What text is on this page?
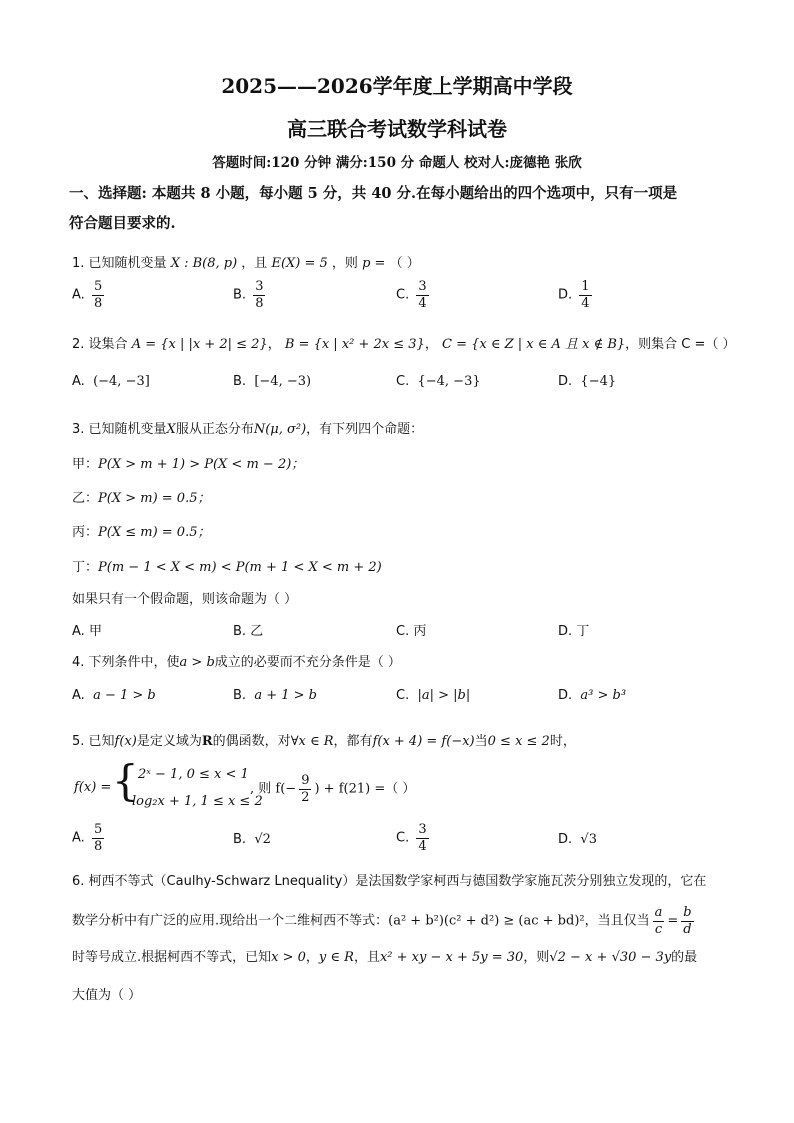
2025——2026学年度上学期高中学段
高三联合考试数学科试卷
答题时间:120 分钟 满分:150 分 命题人 校对人:庞德艳 张欣
一、选择题: 本题共 8 小题，每小题 5 分，共 40 分.在每小题给出的四个选项中，只有一项是
符合题目要求的.
1. 已知随机变量 X : B(8, p) ，且 E(X) = 5 ，则 p = （ ）
A. $\frac{5}{8}$	B. $\frac{3}{8}$	C. $\frac{3}{4}$	D. $\frac{1}{4}$
2. 设集合 A = {x | |x + 2| ≤ 2}， B = {x | x² + 2x ≤ 3}， C = {x ∈ Z | x ∈ A 且 x ∉ B}，则集合 C =（ ）
A. (−4, −3]	B. [−4, −3)	C. {−4, −3}	D. {−4}
3. 已知随机变量X服从正态分布N(μ, σ²)，有下列四个命题：
甲：P(X > m + 1) > P(X < m − 2)；
乙：P(X > m) = 0.5；
丙：P(X ≤ m) = 0.5；
丁：P(m − 1 < X < m) < P(m + 1 < X < m + 2)
如果只有一个假命题，则该命题为（ ）
A. 甲	B. 乙	C. 丙	D. 丁
4. 下列条件中，使a > b成立的必要而不充分条件是（ ）
A. a − 1 > b	B. a + 1 > b	C. |a| > |b|	D. a³ > b³
5. 已知f(x)是定义域为R的偶函数，对∀x ∈ R，都有f(x + 4) = f(−x)当0 ≤ x ≤ 2时，
f(x) = { 2ˣ − 1, 0 ≤ x < 1
log₂x + 1, 1 ≤ x ≤ 2
, 则 $f(- \frac{9}{2}$ ) + f(21) =（ ）
A. $\frac{5}{8}$	B. √2	C. $\frac{3}{4}$	D. √3
6. 柯西不等式（Caulhy-Schwarz Lnequality）是法国数学家柯西与德国数学家施瓦茨分别独立发现的，它在
数学分析中有广泛的应用.现给出一个二维柯西不等式：(a² + b²)(c² + d²) ≥ (ac + bd)²，当且仅当 $\frac{a}{c} = \frac{b}{d}$
时等号成立.根据柯西不等式，已知x > 0，y ∈ R，且x² + xy − x + 5y = 30，则√2 − x + √30 − 3y的最
大值为（ ）
